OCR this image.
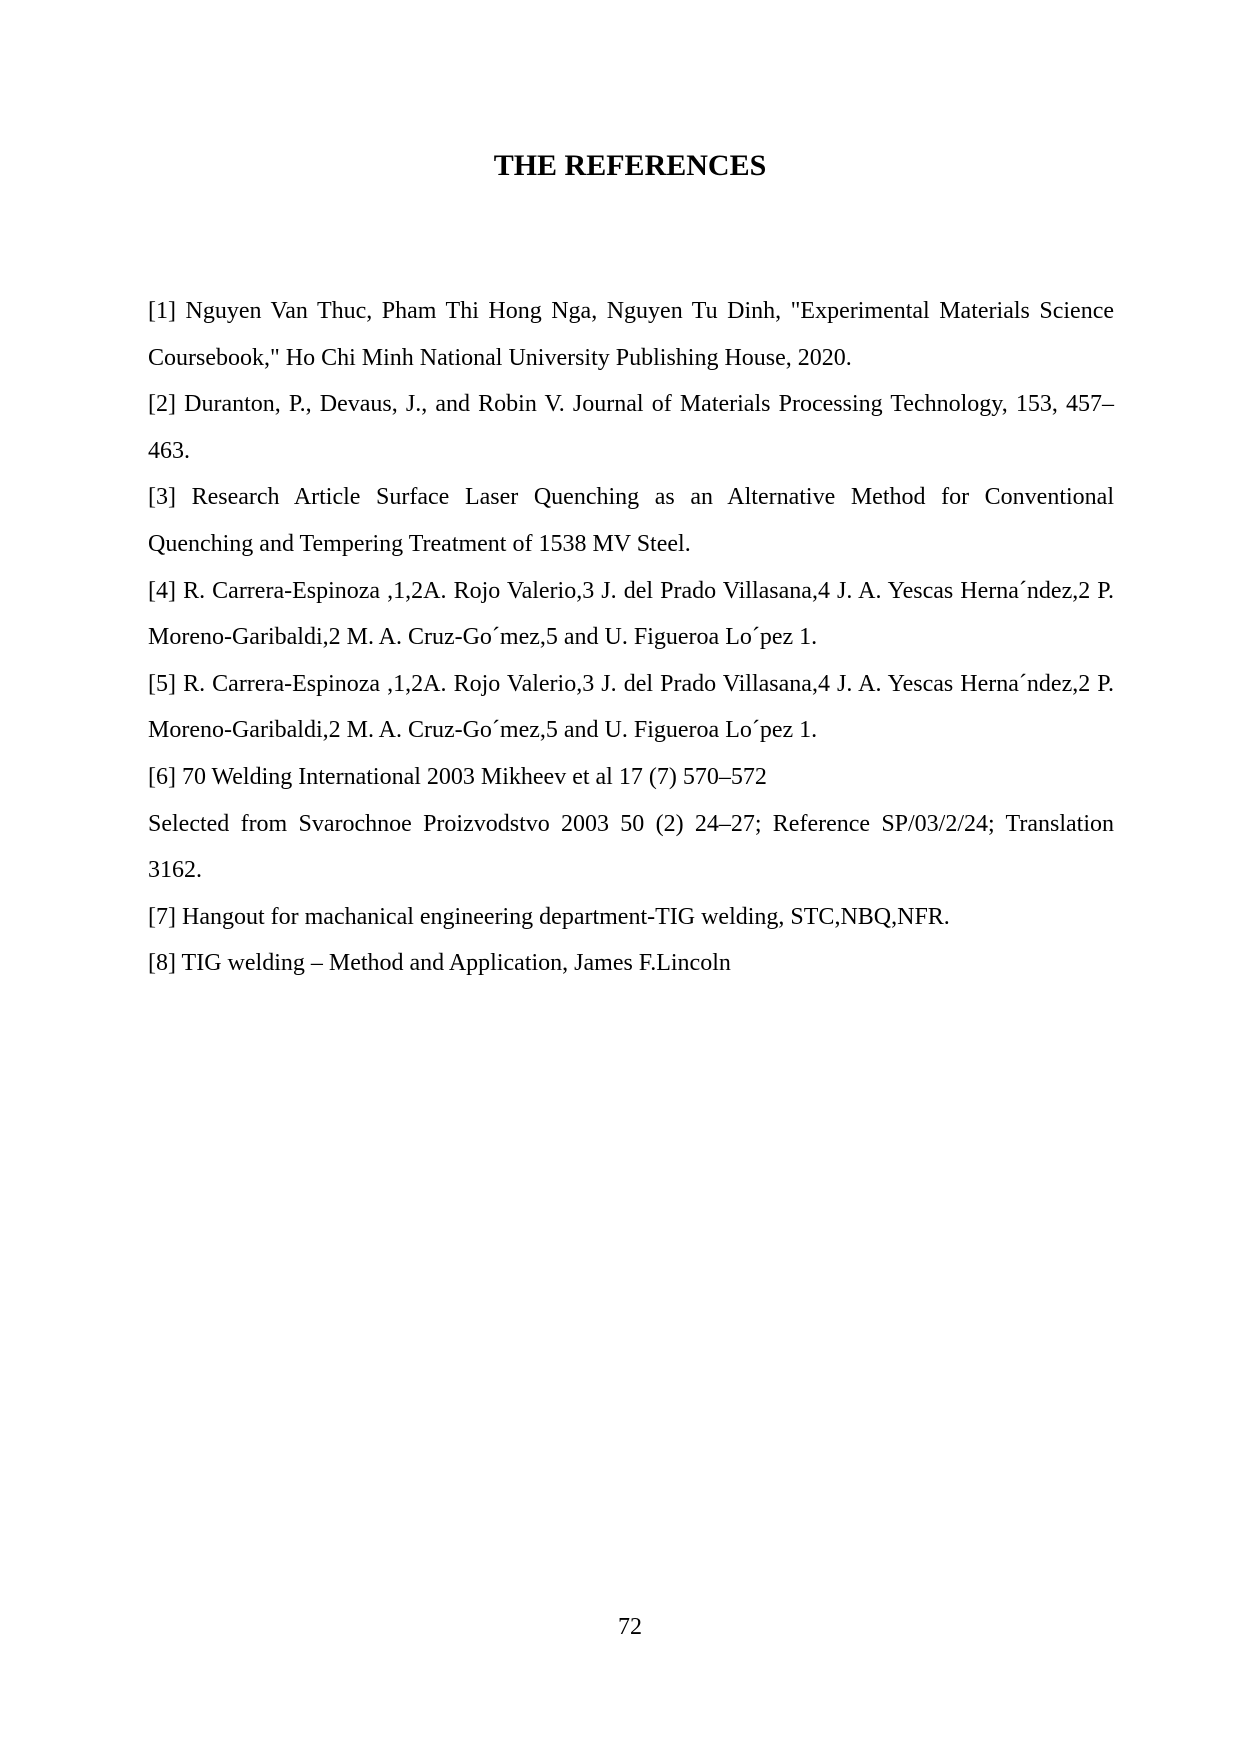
THE REFERENCES

[1] Nguyen Van Thuc, Pham Thi Hong Nga, Nguyen Tu Dinh, "Experimental Materials Science Coursebook," Ho Chi Minh National University Publishing House, 2020.

[2] Duranton, P., Devaus, J., and Robin V. Journal of Materials Processing Technology, 153, 457–463.

[3] Research Article Surface Laser Quenching as an Alternative Method for Conventional Quenching and Tempering Treatment of 1538 MV Steel.

[4] R. Carrera-Espinoza ,1,2A. Rojo Valerio,3 J. del Prado Villasana,4 J. A. Yescas Herna´ndez,2 P. Moreno-Garibaldi,2 M. A. Cruz-Go´mez,5 and U. Figueroa Lo´pez 1.

[5] R. Carrera-Espinoza ,1,2A. Rojo Valerio,3 J. del Prado Villasana,4 J. A. Yescas Herna´ndez,2 P. Moreno-Garibaldi,2 M. A. Cruz-Go´mez,5 and U. Figueroa Lo´pez 1.

[6] 70 Welding International 2003 Mikheev et al 17 (7) 570–572

Selected from Svarochnoe Proizvodstvo 2003 50 (2) 24–27; Reference SP/03/2/24; Translation 3162.

[7] Hangout for machanical engineering department-TIG welding, STC,NBQ,NFR.

[8] TIG welding – Method and Application, James F.Lincoln

72
